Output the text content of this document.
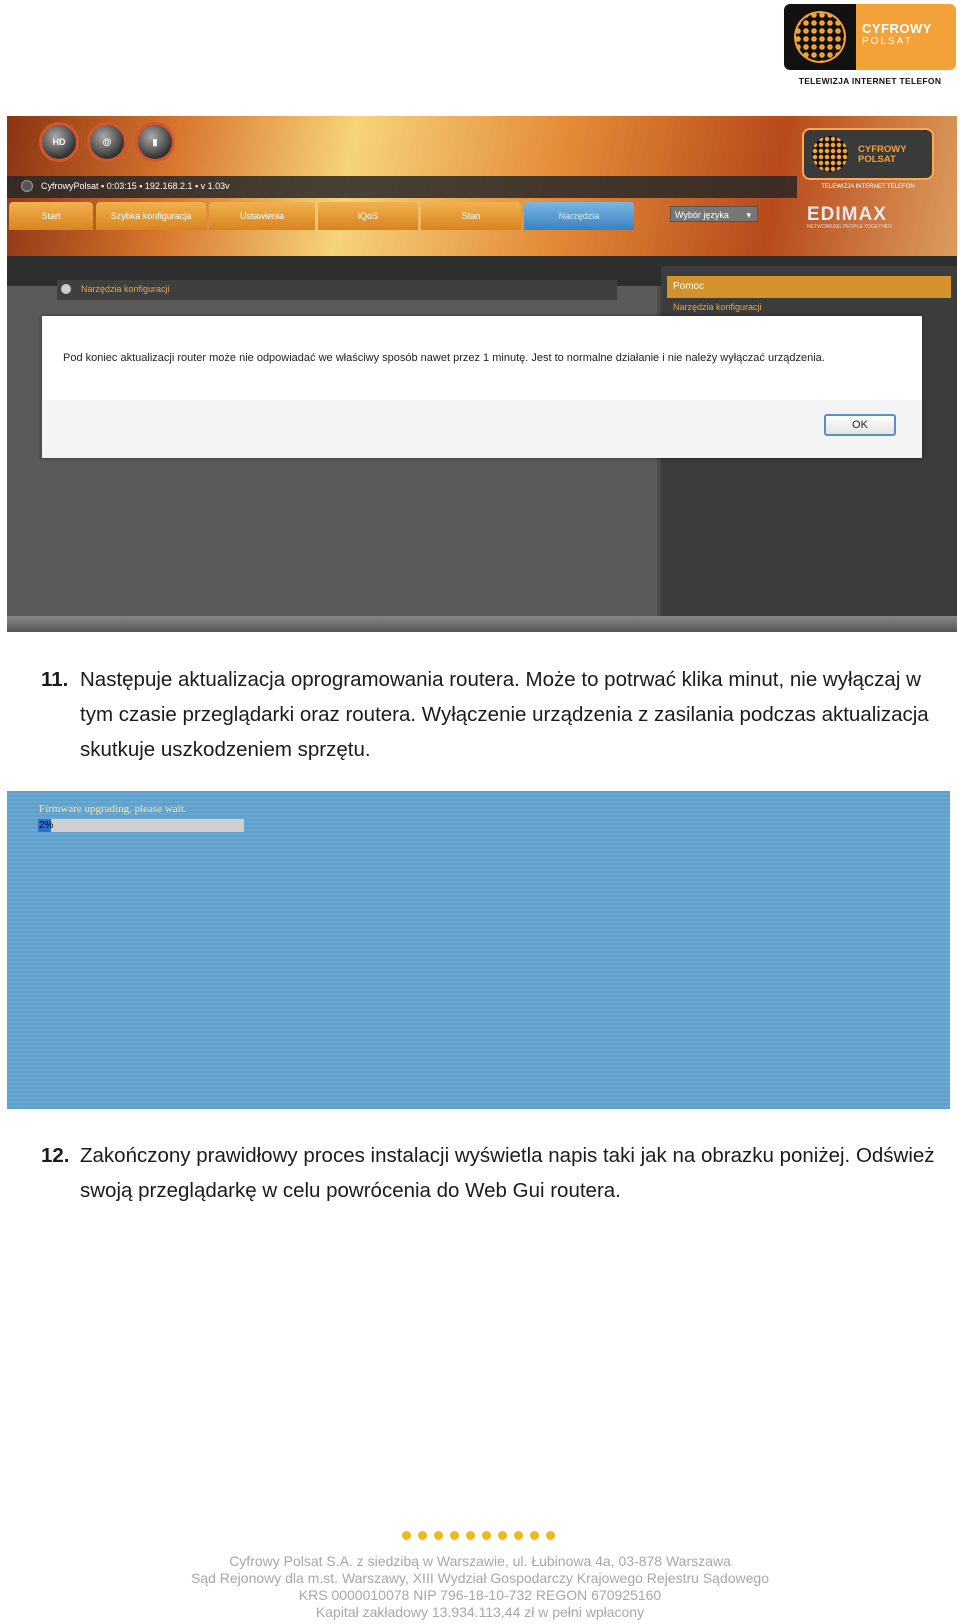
CYFROWY
POLSAT
TELEWIZJA INTERNET TELEFON
HD	@	▮
CyfrowyPolsat ▪ 0:03:15 ▪ 192.168.2.1 ▪ v 1.03v
Start	Szybka konfiguracja	Ustawienia	iQoS	Stan	Narzędzia	Wybór języka ▾
CYFROWY
POLSAT
TELEWIZJA INTERNET TELEFON
EDIMAX
NETWORKING PEOPLE TOGETHER
Narzędzia konfiguracji	Pomoc
Narzędzia konfiguracji
Pod koniec aktualizacji router może nie odpowiadać we właściwy sposób nawet przez 1 minutę. Jest to normalne działanie i nie należy wyłączać urządzenia.
OK
11. Następuje aktualizacja oprogramowania routera. Może to potrwać klika minut, nie wyłączaj w tym czasie przeglądarki oraz routera. Wyłączenie urządzenia z zasilania podczas aktualizacja skutkuje uszkodzeniem sprzętu.
Firmware upgrading, please wait.
2%
12. Zakończony prawidłowy proces instalacji wyświetla napis taki jak na obrazku poniżej. Odśwież swoją przeglądarkę w celu powrócenia do Web Gui routera.
Cyfrowy Polsat S.A. z siedzibą w Warszawie, ul. Łubinowa 4a, 03-878 Warszawa
Sąd Rejonowy dla m.st. Warszawy, XIII Wydział Gospodarczy Krajowego Rejestru Sądowego
KRS 0000010078 NIP 796-18-10-732 REGON 670925160
Kapitał zakładowy 13.934.113,44 zł w pełni wpłacony
